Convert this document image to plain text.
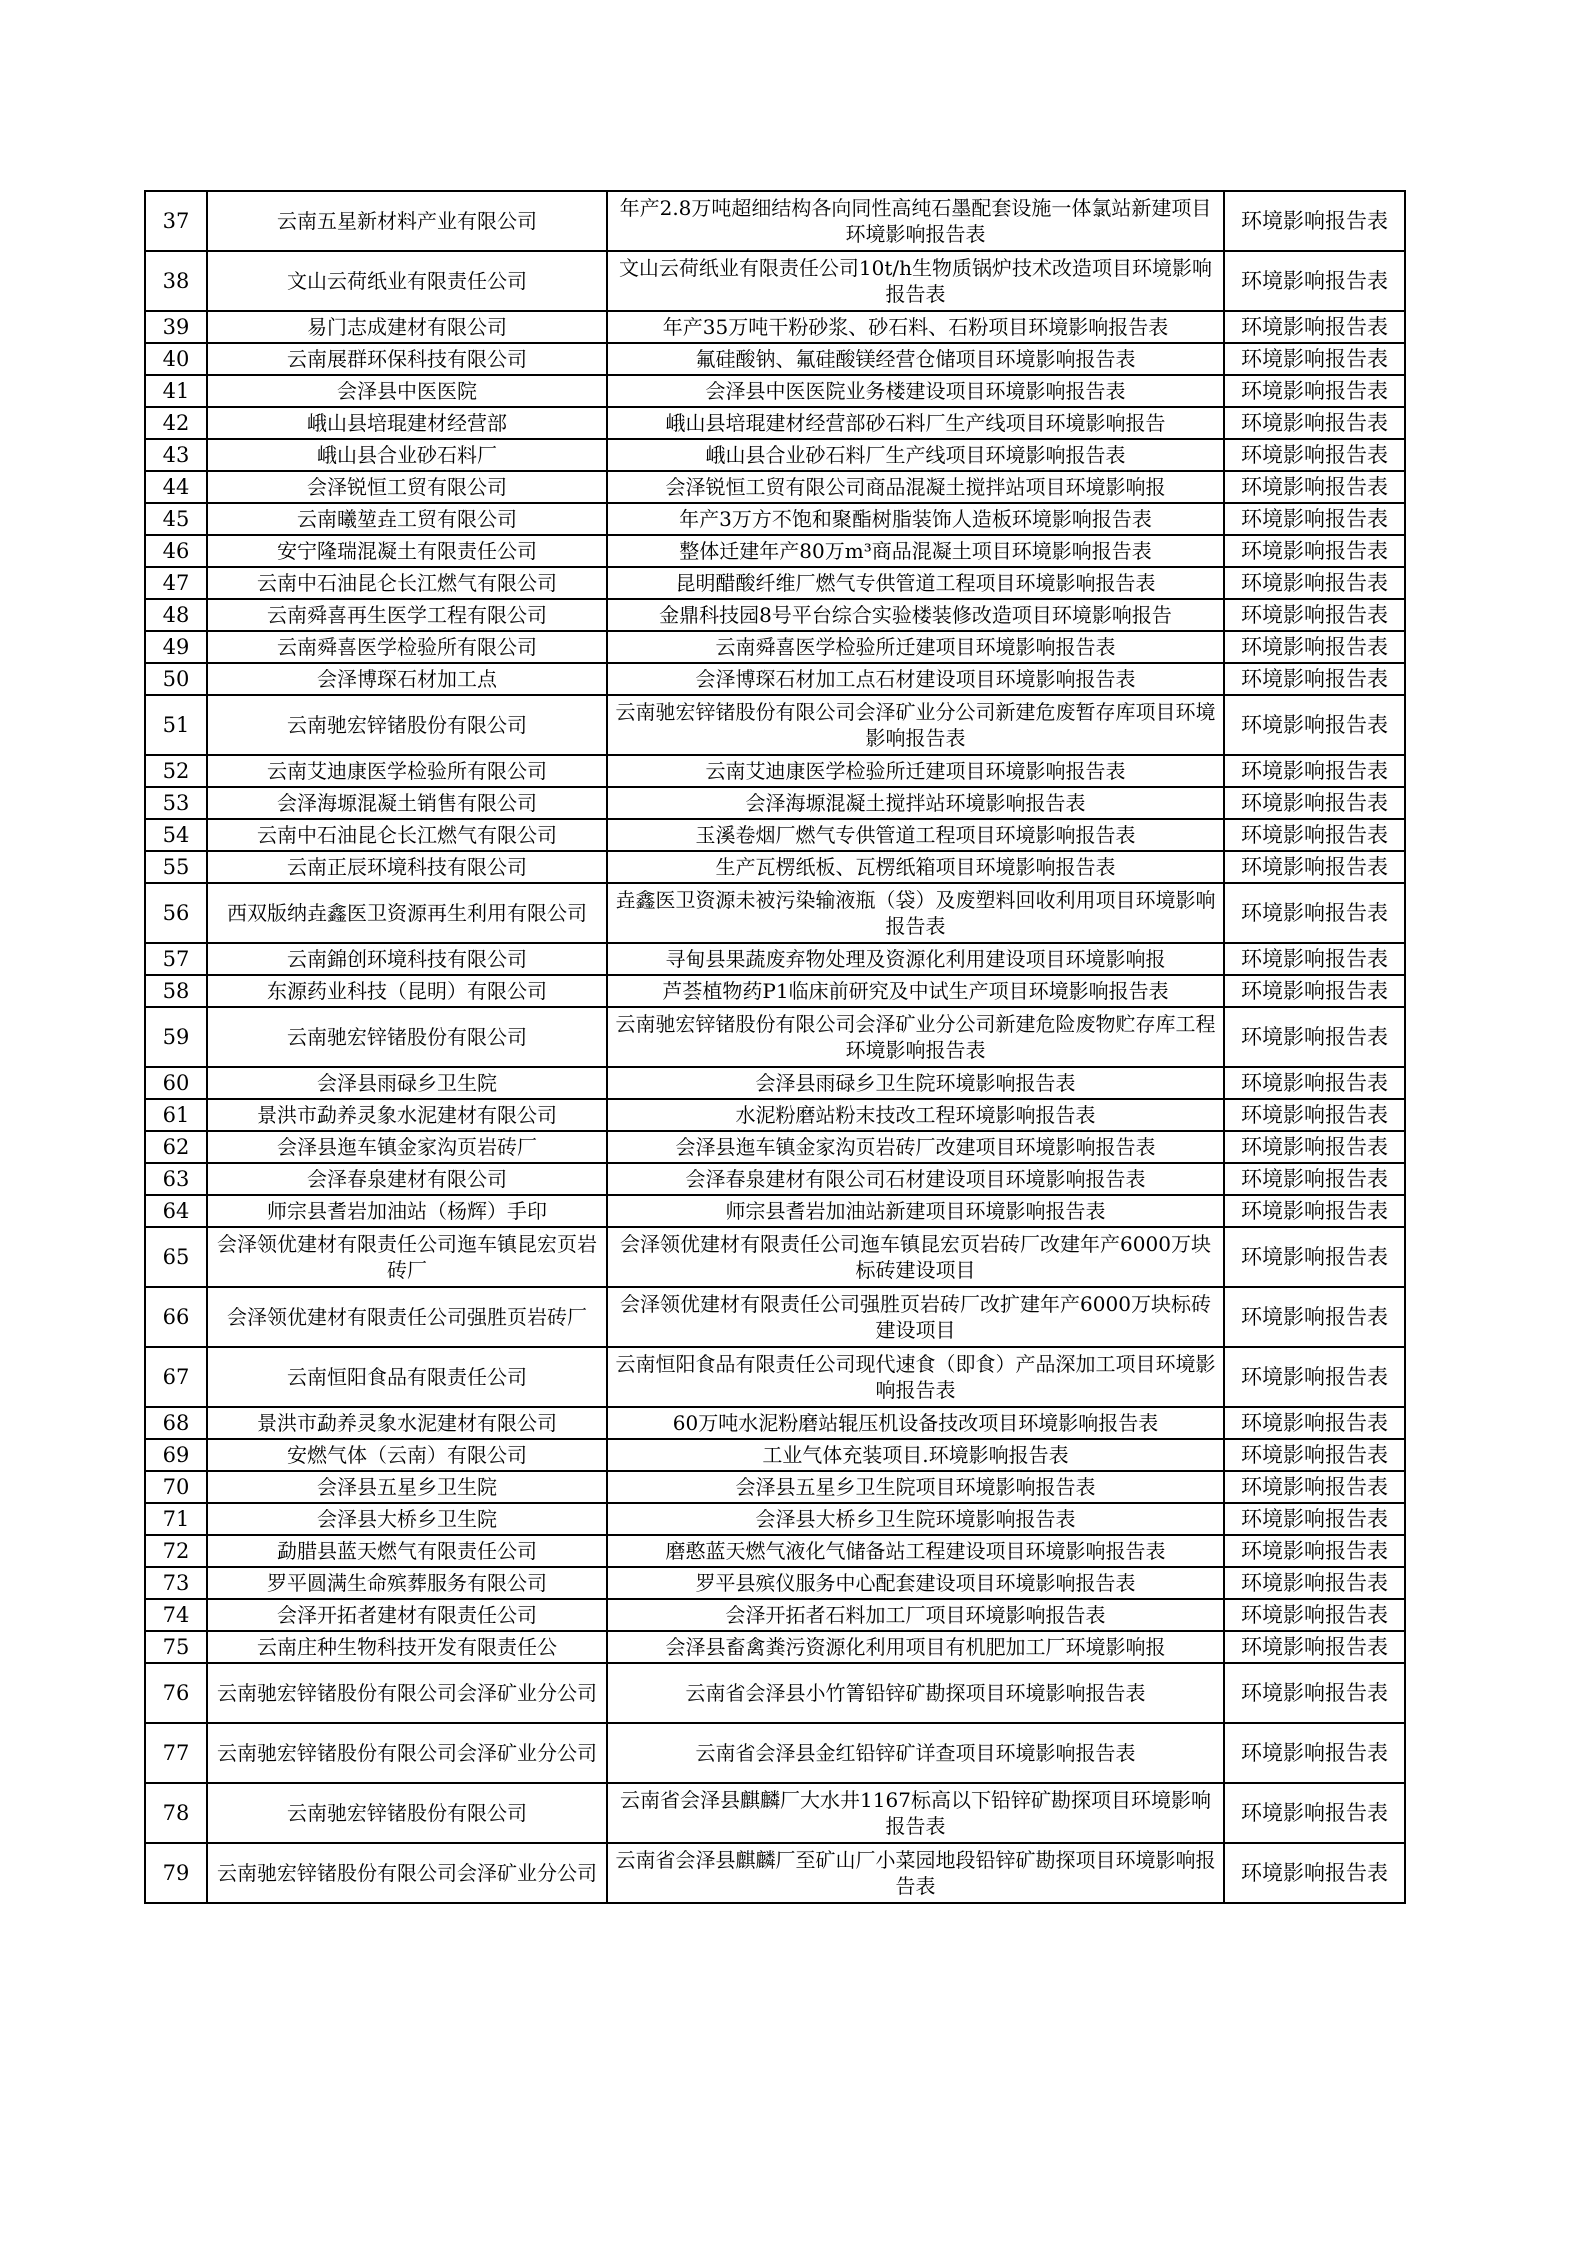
37	云南五星新材料产业有限公司	年产2.8万吨超细结构各向同性高纯石墨配套设施一体氯站新建项目环境影响报告表	环境影响报告表
38	文山云荷纸业有限责任公司	文山云荷纸业有限责任公司10t/h生物质锅炉技术改造项目环境影响报告表	环境影响报告表
39	易门志成建材有限公司	年产35万吨干粉砂浆、砂石料、石粉项目环境影响报告表	环境影响报告表
40	云南展群环保科技有限公司	氟硅酸钠、氟硅酸镁经营仓储项目环境影响报告表	环境影响报告表
41	会泽县中医医院	会泽县中医医院业务楼建设项目环境影响报告表	环境影响报告表
42	峨山县培琨建材经营部	峨山县培琨建材经营部砂石料厂生产线项目环境影响报告	环境影响报告表
43	峨山县合业砂石料厂	峨山县合业砂石料厂生产线项目环境影响报告表	环境影响报告表
44	会泽锐恒工贸有限公司	会泽锐恒工贸有限公司商品混凝土搅拌站项目环境影响报	环境影响报告表
45	云南曦堃垚工贸有限公司	年产3万方不饱和聚酯树脂装饰人造板环境影响报告表	环境影响报告表
46	安宁隆瑞混凝土有限责任公司	整体迁建年产80万m³商品混凝土项目环境影响报告表	环境影响报告表
47	云南中石油昆仑长江燃气有限公司	昆明醋酸纤维厂燃气专供管道工程项目环境影响报告表	环境影响报告表
48	云南舜喜再生医学工程有限公司	金鼎科技园8号平台综合实验楼装修改造项目环境影响报告	环境影响报告表
49	云南舜喜医学检验所有限公司	云南舜喜医学检验所迁建项目环境影响报告表	环境影响报告表
50	会泽博琛石材加工点	会泽博琛石材加工点石材建设项目环境影响报告表	环境影响报告表
51	云南驰宏锌锗股份有限公司	云南驰宏锌锗股份有限公司会泽矿业分公司新建危废暂存库项目环境影响报告表	环境影响报告表
52	云南艾迪康医学检验所有限公司	云南艾迪康医学检验所迁建项目环境影响报告表	环境影响报告表
53	会泽海塬混凝土销售有限公司	会泽海塬混凝土搅拌站环境影响报告表	环境影响报告表
54	云南中石油昆仑长江燃气有限公司	玉溪卷烟厂燃气专供管道工程项目环境影响报告表	环境影响报告表
55	云南正辰环境科技有限公司	生产瓦楞纸板、瓦楞纸箱项目环境影响报告表	环境影响报告表
56	西双版纳垚鑫医卫资源再生利用有限公司	垚鑫医卫资源未被污染输液瓶（袋）及废塑料回收利用项目环境影响报告表	环境影响报告表
57	云南錦创环境科技有限公司	寻甸县果蔬废弃物处理及资源化利用建设项目环境影响报	环境影响报告表
58	东源药业科技（昆明）有限公司	芦荟植物药P1临床前研究及中试生产项目环境影响报告表	环境影响报告表
59	云南驰宏锌锗股份有限公司	云南驰宏锌锗股份有限公司会泽矿业分公司新建危险废物贮存库工程环境影响报告表	环境影响报告表
60	会泽县雨碌乡卫生院	会泽县雨碌乡卫生院环境影响报告表	环境影响报告表
61	景洪市勐养灵象水泥建材有限公司	水泥粉磨站粉末技改工程环境影响报告表	环境影响报告表
62	会泽县迤车镇金家沟页岩砖厂	会泽县迤车镇金家沟页岩砖厂改建项目环境影响报告表	环境影响报告表
63	会泽春泉建材有限公司	会泽春泉建材有限公司石材建设项目环境影响报告表	环境影响报告表
64	师宗县耆岩加油站（杨辉）手印	师宗县耆岩加油站新建项目环境影响报告表	环境影响报告表
65	会泽领优建材有限责任公司迤车镇昆宏页岩砖厂	会泽领优建材有限责任公司迤车镇昆宏页岩砖厂改建年产6000万块标砖建设项目	环境影响报告表
66	会泽领优建材有限责任公司强胜页岩砖厂	会泽领优建材有限责任公司强胜页岩砖厂改扩建年产6000万块标砖建设项目	环境影响报告表
67	云南恒阳食品有限责任公司	云南恒阳食品有限责任公司现代速食（即食）产品深加工项目环境影响报告表	环境影响报告表
68	景洪市勐养灵象水泥建材有限公司	60万吨水泥粉磨站辊压机设备技改项目环境影响报告表	环境影响报告表
69	安燃气体（云南）有限公司	工业气体充装项目.环境影响报告表	环境影响报告表
70	会泽县五星乡卫生院	会泽县五星乡卫生院项目环境影响报告表	环境影响报告表
71	会泽县大桥乡卫生院	会泽县大桥乡卫生院环境影响报告表	环境影响报告表
72	勐腊县蓝天燃气有限责任公司	磨憨蓝天燃气液化气储备站工程建设项目环境影响报告表	环境影响报告表
73	罗平圆满生命殡葬服务有限公司	罗平县殡仪服务中心配套建设项目环境影响报告表	环境影响报告表
74	会泽开拓者建材有限责任公司	会泽开拓者石料加工厂项目环境影响报告表	环境影响报告表
75	云南庄种生物科技开发有限责任公	会泽县畜禽粪污资源化利用项目有机肥加工厂环境影响报	环境影响报告表
76	云南驰宏锌锗股份有限公司会泽矿业分公司	云南省会泽县小竹箐铅锌矿勘探项目环境影响报告表	环境影响报告表
77	云南驰宏锌锗股份有限公司会泽矿业分公司	云南省会泽县金红铅锌矿详查项目环境影响报告表	环境影响报告表
78	云南驰宏锌锗股份有限公司	云南省会泽县麒麟厂大水井1167标高以下铅锌矿勘探项目环境影响报告表	环境影响报告表
79	云南驰宏锌锗股份有限公司会泽矿业分公司	云南省会泽县麒麟厂至矿山厂小菜园地段铅锌矿勘探项目环境影响报告表	环境影响报告表
